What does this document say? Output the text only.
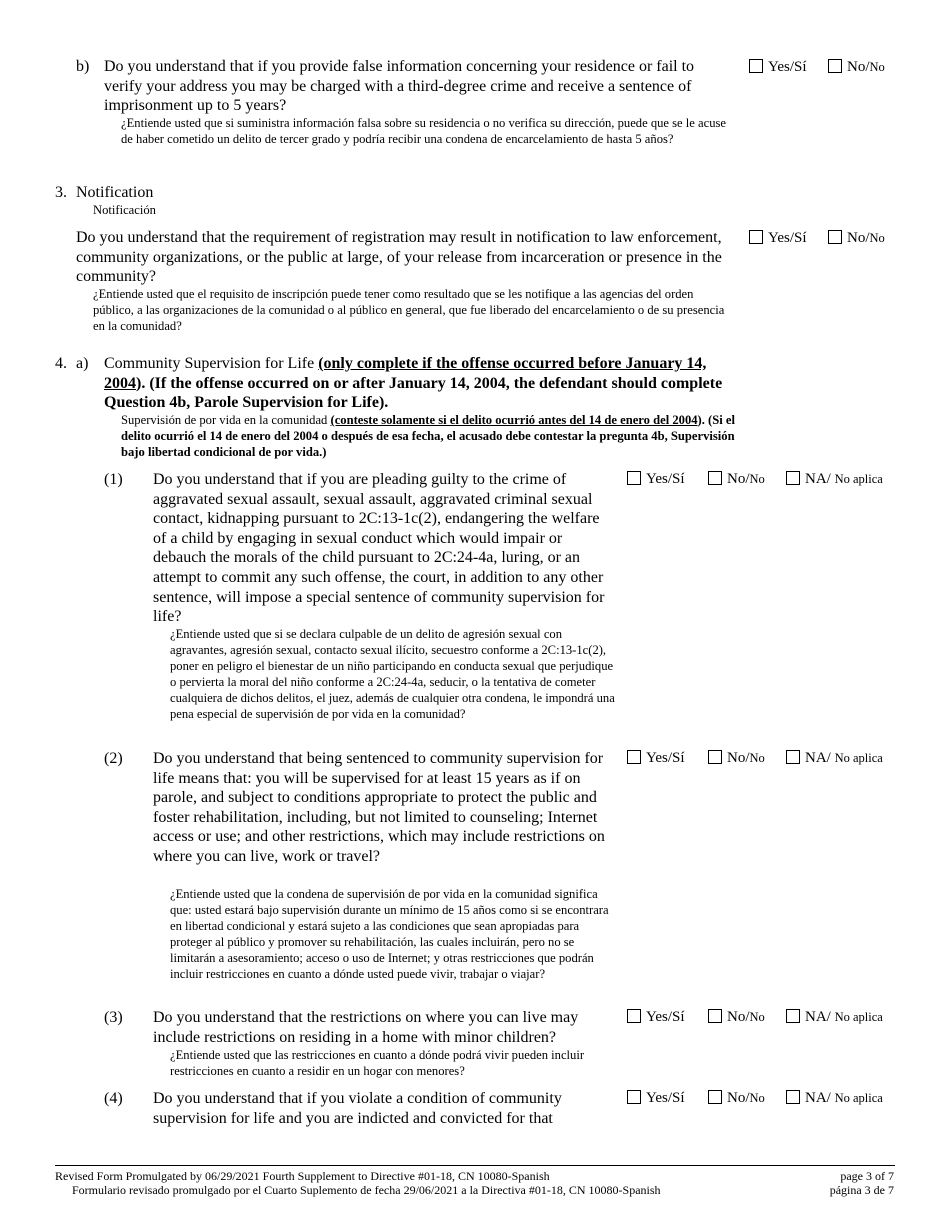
b) Do you understand that if you provide false information concerning your residence or fail to verify your address you may be charged with a third-degree crime and receive a sentence of imprisonment up to 5 years?
¿Entiende usted que si suministra información falsa sobre su residencia o no verifica su dirección, puede que se le acuse de haber cometido un delito de tercer grado y podría recibir una condena de encarcelamiento de hasta 5 años?
Yes/Sí	No/No
3. Notification
Notificación
Do you understand that the requirement of registration may result in notification to law enforcement, community organizations, or the public at large, of your release from incarceration or presence in the community?
¿Entiende usted que el requisito de inscripción puede tener como resultado que se les notifique a las agencias del orden público, a las organizaciones de la comunidad o al público en general, que fue liberado del encarcelamiento o de su presencia en la comunidad?
Yes/Sí	No/No
4. a) Community Supervision for Life (only complete if the offense occurred before January 14, 2004). (If the offense occurred on or after January 14, 2004, the defendant should complete Question 4b, Parole Supervision for Life).
Supervisión de por vida en la comunidad (conteste solamente si el delito ocurrió antes del 14 de enero del 2004). (Si el delito ocurrió el 14 de enero del 2004 o después de esa fecha, el acusado debe contestar la pregunta 4b, Supervisión bajo libertad condicional de por vida.)
(1) Do you understand that if you are pleading guilty to the crime of aggravated sexual assault, sexual assault, aggravated criminal sexual contact, kidnapping pursuant to 2C:13-1c(2), endangering the welfare of a child by engaging in sexual conduct which would impair or debauch the morals of the child pursuant to 2C:24-4a, luring, or an attempt to commit any such offense, the court, in addition to any other sentence, will impose a special sentence of community supervision for life?
¿Entiende usted que si se declara culpable de un delito de agresión sexual con agravantes, agresión sexual, contacto sexual ilícito, secuestro conforme a 2C:13-1c(2), poner en peligro el bienestar de un niño participando en conducta sexual que perjudique o pervierta la moral del niño conforme a 2C:24-4a, seducir, o la tentativa de cometer cualquiera de dichos delitos, el juez, además de cualquier otra condena, le impondrá una pena especial de supervisión de por vida en la comunidad?
Yes/Sí	No/No	NA/ No aplica
(2) Do you understand that being sentenced to community supervision for life means that: you will be supervised for at least 15 years as if on parole, and subject to conditions appropriate to protect the public and foster rehabilitation, including, but not limited to counseling; Internet access or use; and other restrictions, which may include restrictions on where you can live, work or travel?
¿Entiende usted que la condena de supervisión de por vida en la comunidad significa que: usted estará bajo supervisión durante un mínimo de 15 años como si se encontrara en libertad condicional y estará sujeto a las condiciones que sean apropiadas para proteger al público y promover su rehabilitación, las cuales incluirán, pero no se limitarán a asesoramiento; acceso o uso de Internet; y otras restricciones que podrán incluir restricciones en cuanto a dónde usted puede vivir, trabajar o viajar?
Yes/Sí	No/No	NA/ No aplica
(3) Do you understand that the restrictions on where you can live may include restrictions on residing in a home with minor children?
¿Entiende usted que las restricciones en cuanto a dónde podrá vivir pueden incluir restricciones en cuanto a residir en un hogar con menores?
Yes/Sí	No/No	NA/ No aplica
(4) Do you understand that if you violate a condition of community supervision for life and you are indicted and convicted for that
Yes/Sí	No/No	NA/ No aplica
Revised Form Promulgated by 06/29/2021 Fourth Supplement to Directive #01-18, CN 10080-Spanish
Formulario revisado promulgado por el Cuarto Suplemento de fecha 29/06/2021 a la Directiva #01-18, CN 10080-Spanish
page 3 of 7
página 3 de 7
